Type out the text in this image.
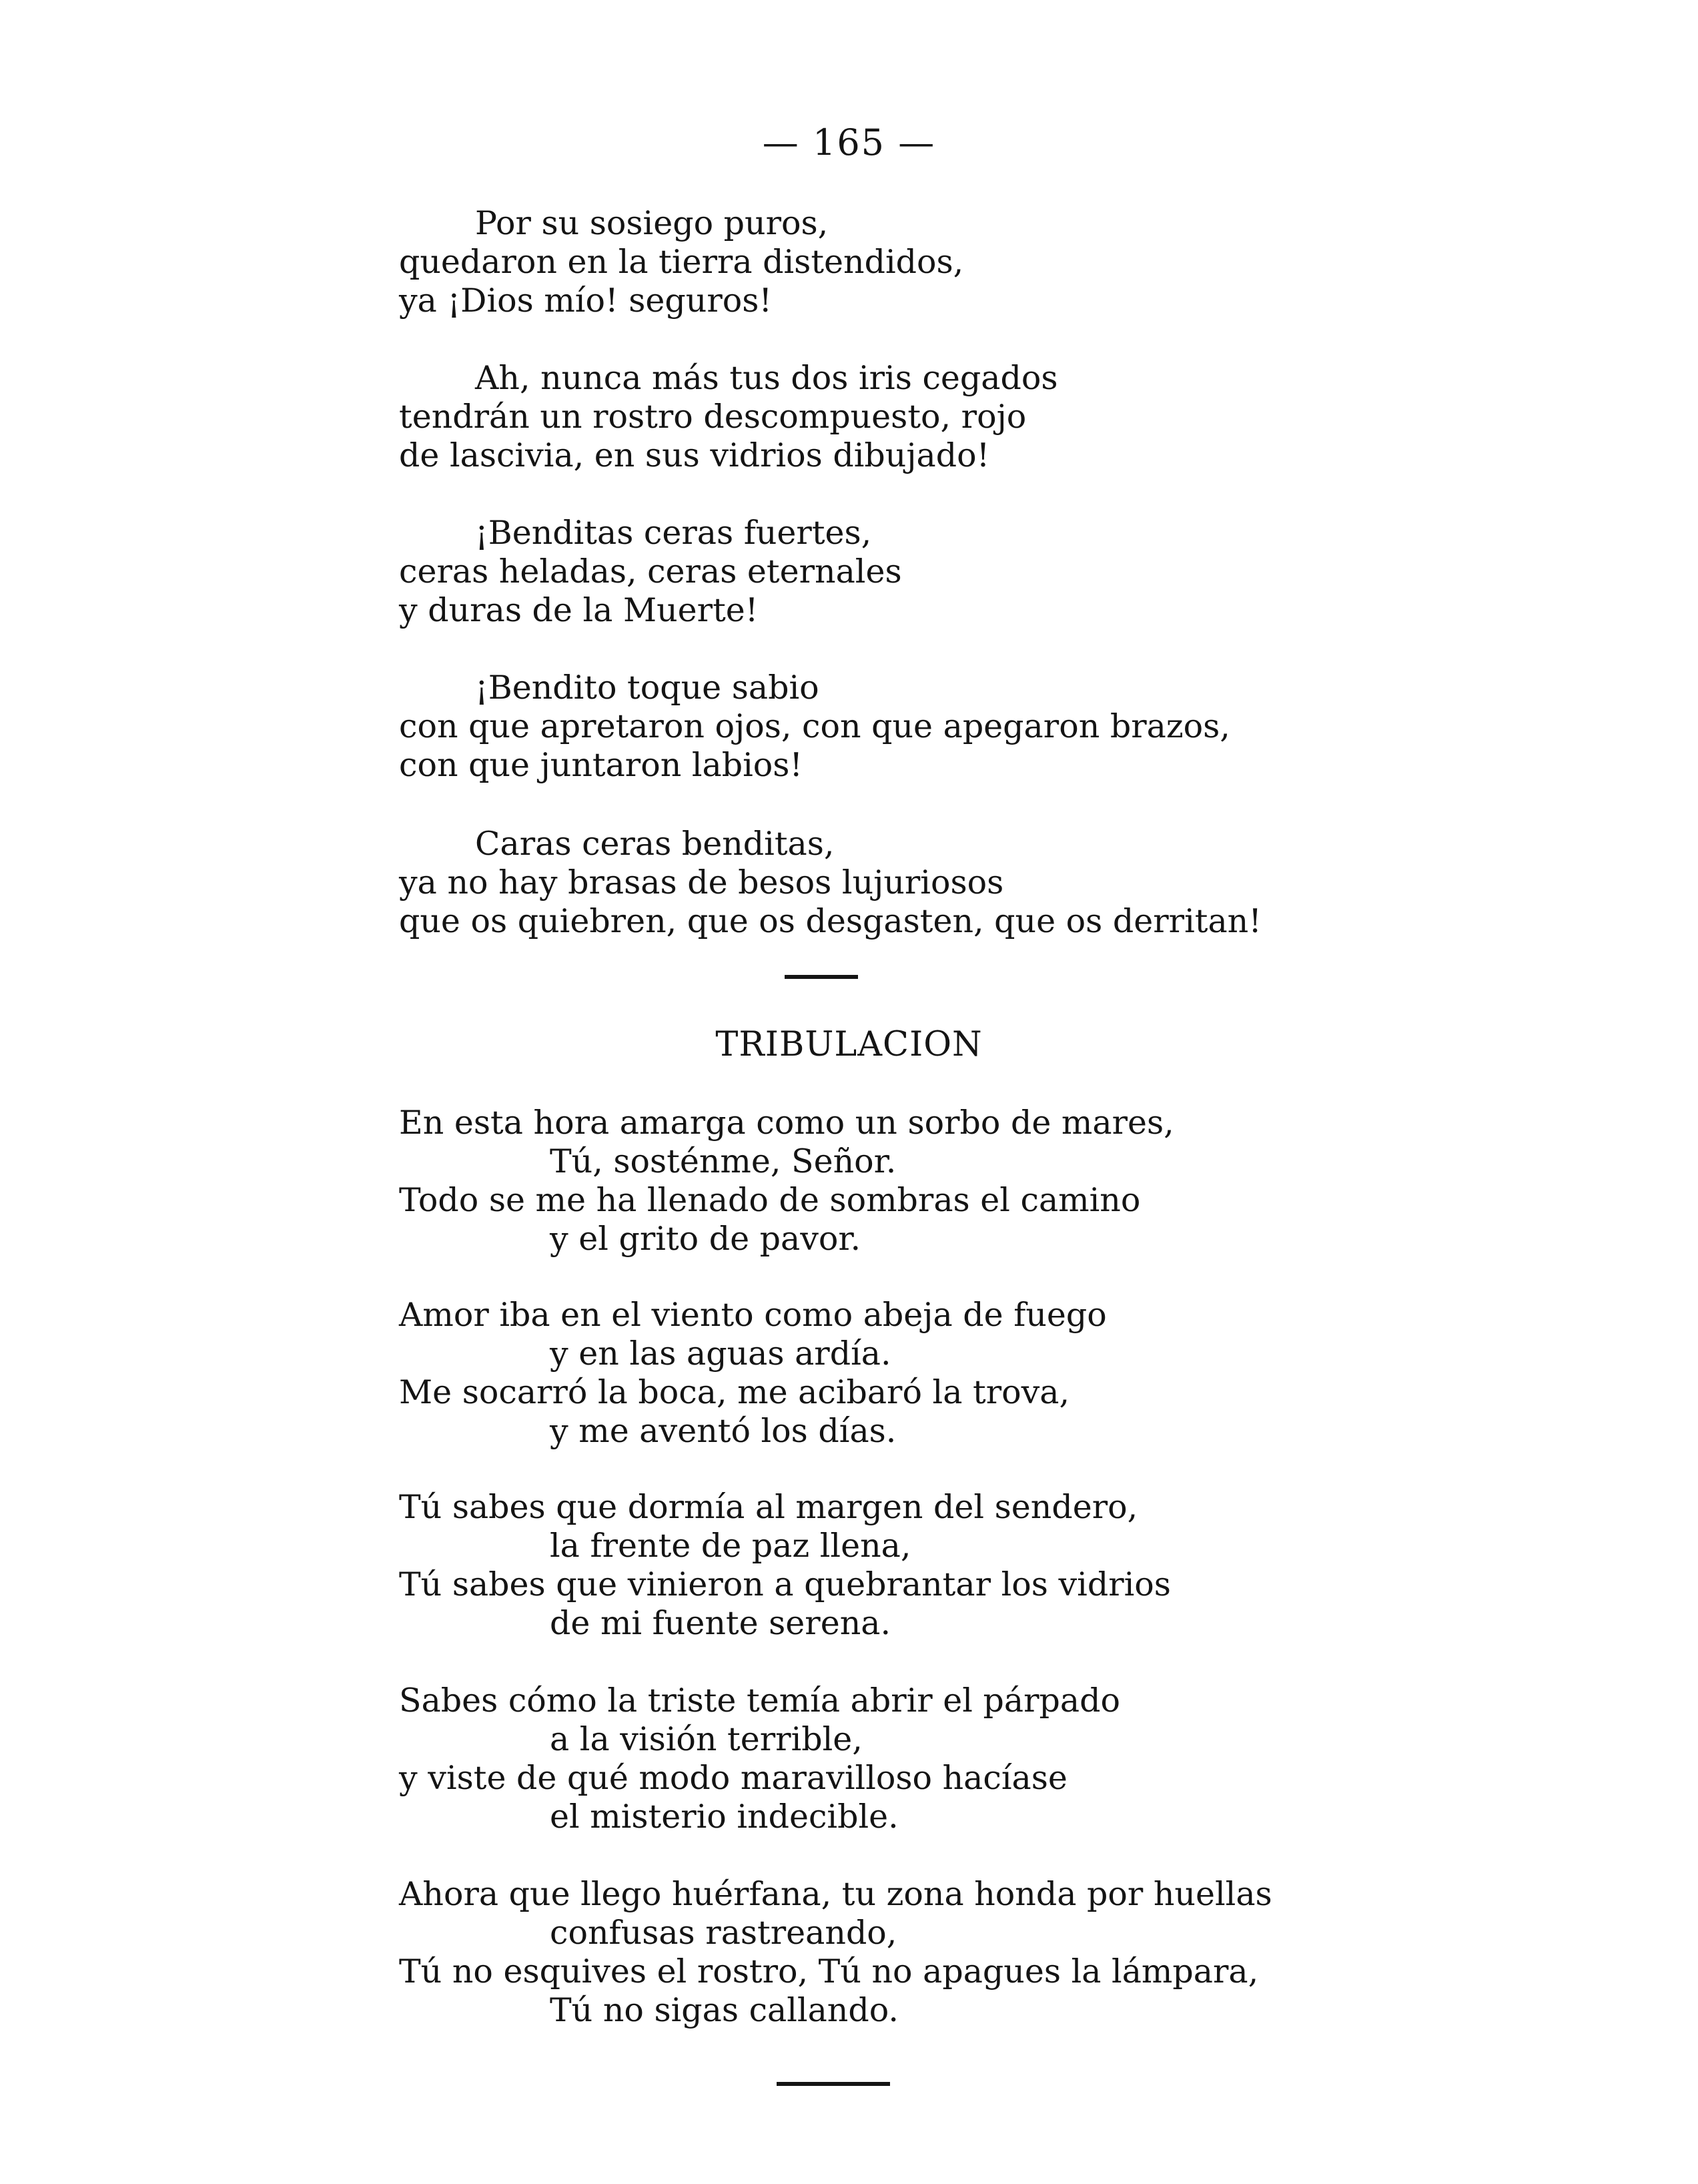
— 165 —
Por su sosiego puros,
quedaron en la tierra distendidos,
ya ¡Dios mío! seguros!
Ah, nunca más tus dos iris cegados
tendrán un rostro descompuesto, rojo
de lascivia, en sus vidrios dibujado!
¡Benditas ceras fuertes,
ceras heladas, ceras eternales
y duras de la Muerte!
¡Bendito toque sabio
con que apretaron ojos, con que apegaron brazos,
con que juntaron labios!
Caras ceras benditas,
ya no hay brasas de besos lujuriosos
que os quiebren, que os desgasten, que os derritan!
TRIBULACION
En esta hora amarga como un sorbo de mares,
Tú, sosténme, Señor.
Todo se me ha llenado de sombras el camino
y el grito de pavor.
Amor iba en el viento como abeja de fuego
y en las aguas ardía.
Me socarró la boca, me acibaró la trova,
y me aventó los días.
Tú sabes que dormía al margen del sendero,
la frente de paz llena,
Tú sabes que vinieron a quebrantar los vidrios
de mi fuente serena.
Sabes cómo la triste temía abrir el párpado
a la visión terrible,
y viste de qué modo maravilloso hacíase
el misterio indecible.
Ahora que llego huérfana, tu zona honda por huellas
confusas rastreando,
Tú no esquives el rostro, Tú no apagues la lámpara,
Tú no sigas callando.
